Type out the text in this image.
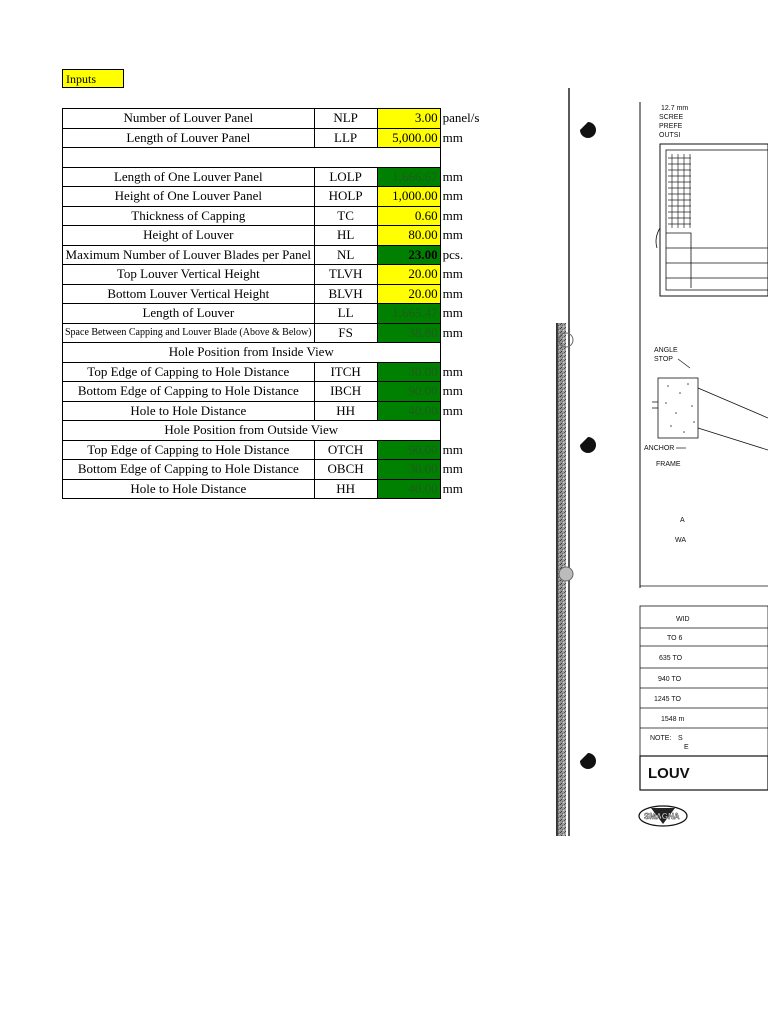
Inputs
Number of Louver Panel	NLP	3.00	panel/s
Length of Louver Panel	LLP	5,000.00	mm

Length of One Louver Panel	LOLP	1,666.67	mm
Height of One Louver Panel	HOLP	1,000.00	mm
Thickness of Capping	TC	0.60	mm
Height of Louver	HL	80.00	mm
Maximum Number of Louver Blades per Panel	NL	23.00	pcs.
Top Louver Vertical Height	TLVH	20.00	mm
Bottom Louver Vertical Height	BLVH	20.00	mm
Length of Louver	LL	1,665.47	mm
Space Between Capping and Louver Blade (Above & Below)	FS	38.80	mm
Hole Position from Inside View			
Top Edge of Capping to Hole Distance	ITCH	30.00	mm
Bottom Edge of Capping to Hole Distance	IBCH	90.00	mm
Hole to Hole Distance	HH	40.00	mm
Hole Position from Outside View			
Top Edge of Capping to Hole Distance	OTCH	90.00	mm
Bottom Edge of Capping to Hole Distance	OBCH	30.00	mm
Hole to Hole Distance	HH	40.00	mm
12.7 mm
SCREE
PREFE
OUTSI
ANGLE
STOP
ANCHOR
FRAME
A
WA
WID
TO 6
635 TO
940 TO
1245 TO
1548 m
NOTE: S
E
LOUV
SMAGNA
